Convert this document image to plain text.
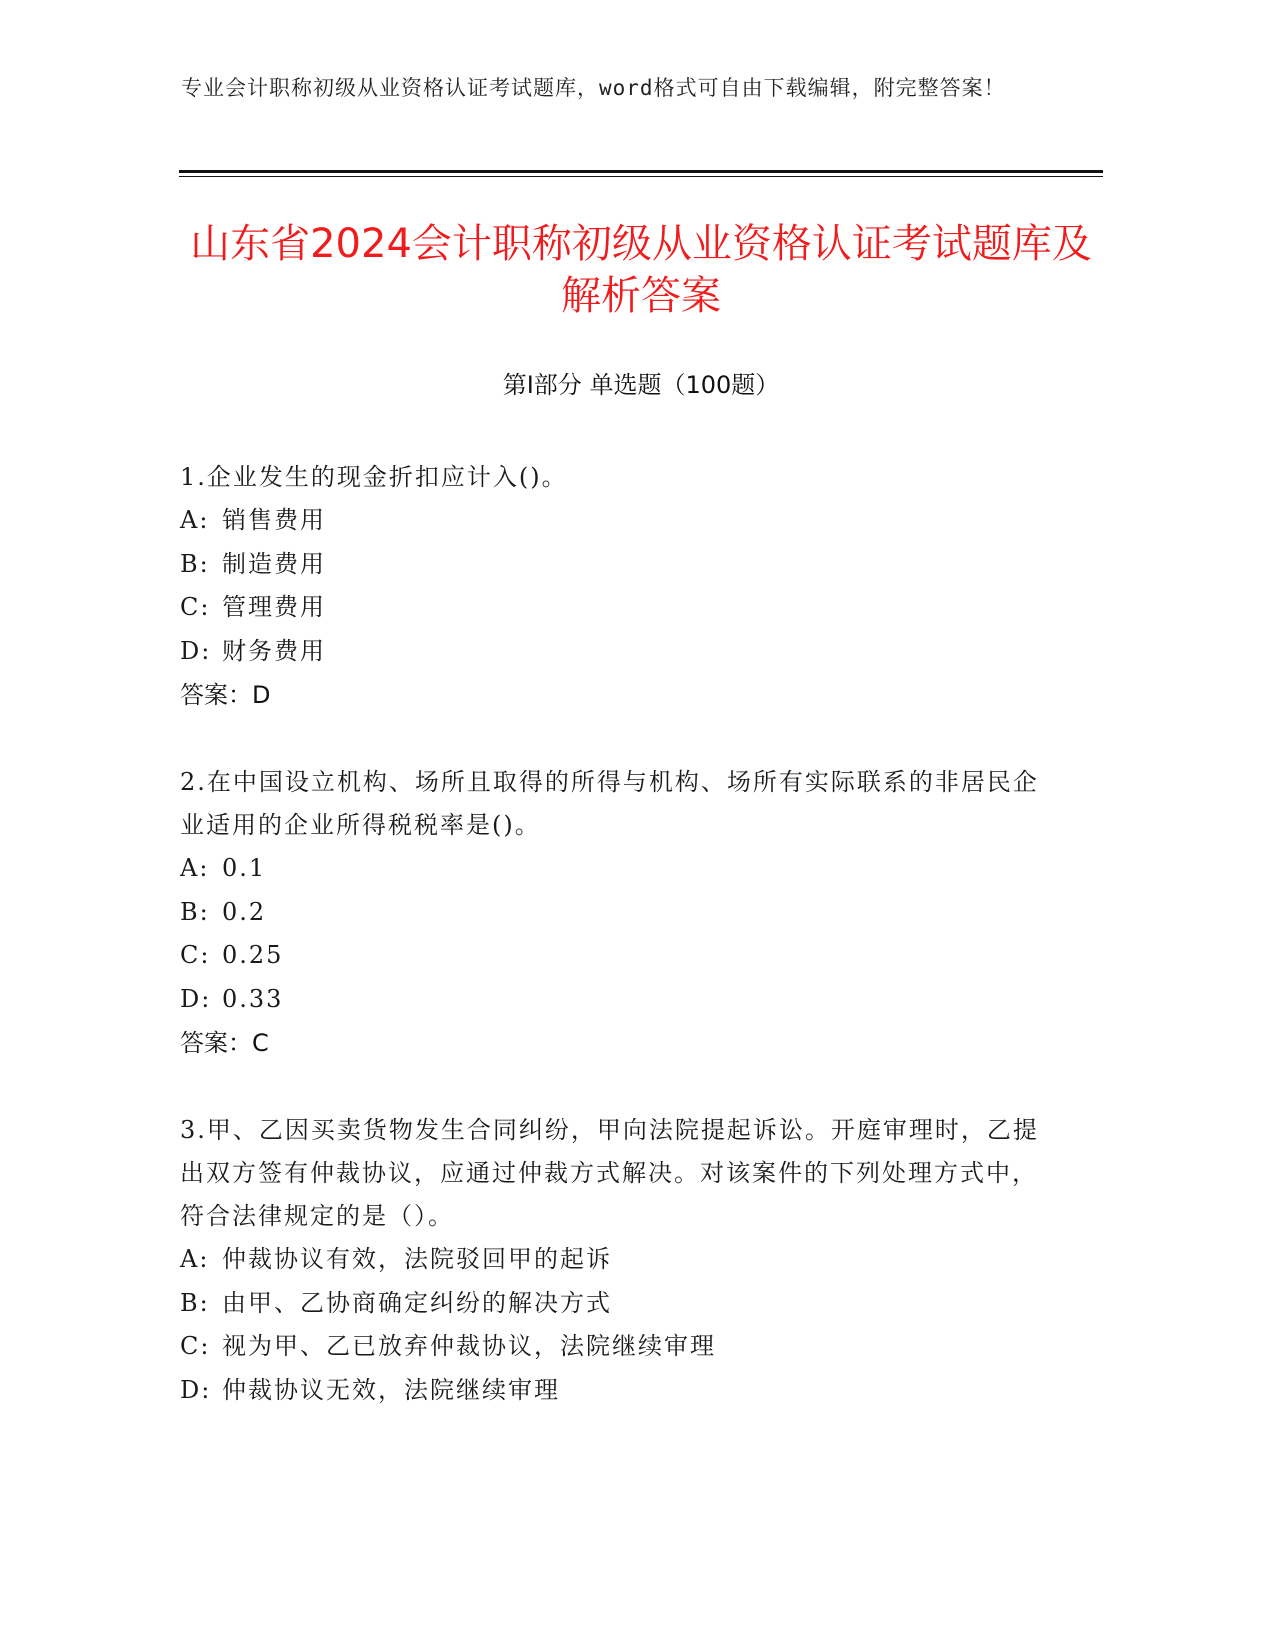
专业会计职称初级从业资格认证考试题库，word格式可自由下载编辑，附完整答案！
山东省2024会计职称初级从业资格认证考试题库及解析答案
第I部分 单选题（100题）
1.企业发生的现金折扣应计入()。
A: 销售费用
B: 制造费用
C: 管理费用
D: 财务费用
答案：D
2.在中国设立机构、场所且取得的所得与机构、场所有实际联系的非居民企业适用的企业所得税税率是()。
A: 0.1
B: 0.2
C: 0.25
D: 0.33
答案：C
3.甲、乙因买卖货物发生合同纠纷，甲向法院提起诉讼。开庭审理时，乙提出双方签有仲裁协议，应通过仲裁方式解决。对该案件的下列处理方式中，符合法律规定的是（）。
A: 仲裁协议有效，法院驳回甲的起诉
B: 由甲、乙协商确定纠纷的解决方式
C: 视为甲、乙已放弃仲裁协议，法院继续审理
D: 仲裁协议无效，法院继续审理
